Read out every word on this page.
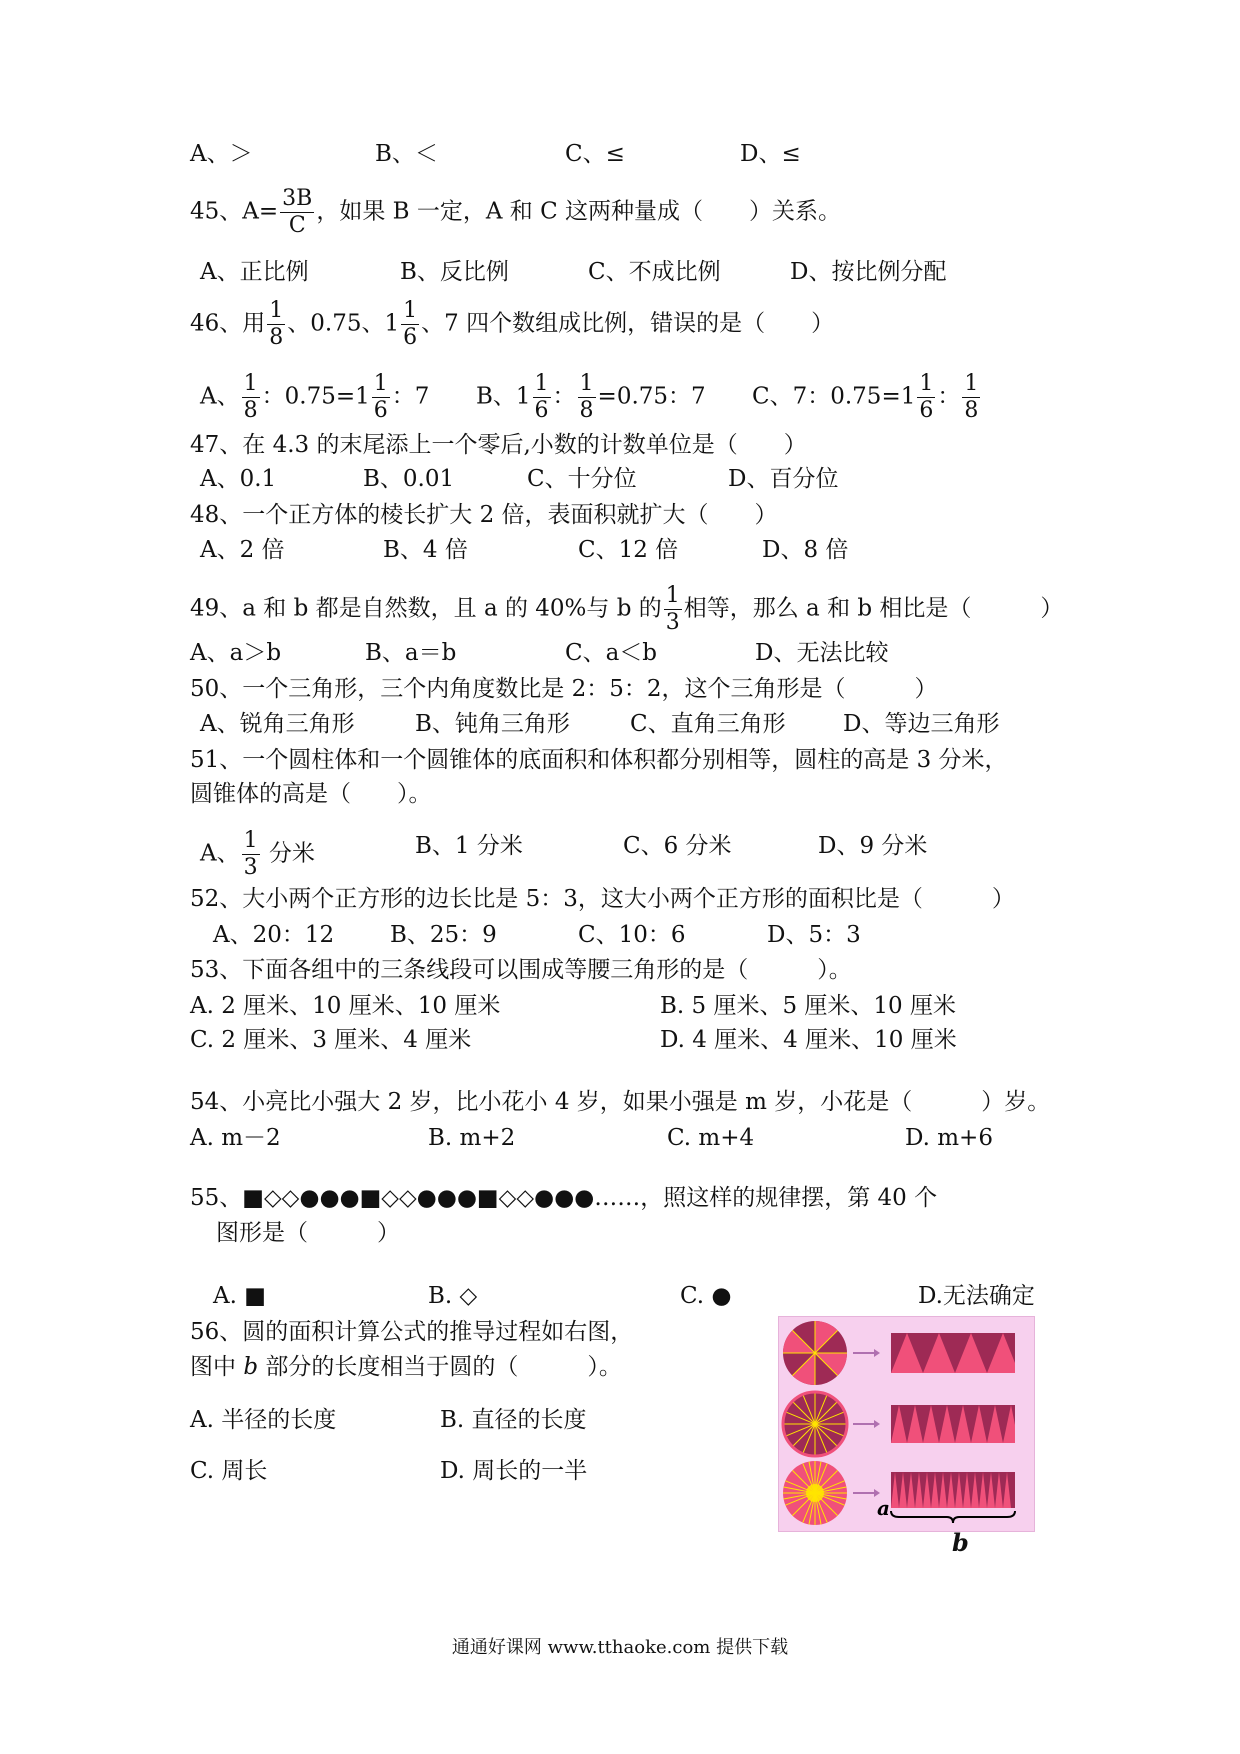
A、＞	B、＜	C、≤	D、≤
45、$A= \frac{3B}{C}$ ，如果 B 一定，A 和 C 这两种量成（　　）关系。
A、正比例	B、反比例	C、不成比例	D、按比例分配
46、用 $\frac{1}{8}$ 、0.75、$1 \frac{1}{6}$ 、7 四个数组成比例，错误的是（　　）
A、 $\frac{1}{8}$ ：$0.75=1 \frac{1}{6}$ ：7 B、$1 \frac{1}{6}$ ： $\frac{1}{8} =0.75$：7 C、7：$0.75=1 \frac{1}{6}$ ： $\frac{1}{8}$
47、在 4.3 的末尾添上一个零后,小数的计数单位是（　　）
A、0.1	B、0.01	C、十分位	D、百分位
48、一个正方体的棱长扩大 2 倍，表面积就扩大（　　）
A、2 倍	B、4 倍	C、12 倍	D、8 倍
49、a 和 b 都是自然数，且 a 的 40%与 b 的 $\frac{1}{3}$ 相等，那么 a 和 b 相比是（　　　）
A、a＞b	B、a＝b	C、a＜b	D、无法比较
50、一个三角形，三个内角度数比是 2：5：2，这个三角形是（　　　）
A、锐角三角形	B、钝角三角形	C、直角三角形 D、等边三角形
51、一个圆柱体和一个圆锥体的底面积和体积都分别相等，圆柱的高是 3 分米，
圆锥体的高是（　　）。
A、 $\frac{1}{3}$ 分米	B、1 分米	C、6 分米	D、9 分米
52、大小两个正方形的边长比是 5：3，这大小两个正方形的面积比是（　　　）
A、20：12 B、25：9	C、10：6	D、5：3
53、下面各组中的三条线段可以围成等腰三角形的是（　　　）。
A. 2 厘米、10 厘米、10 厘米	B. 5 厘米、5 厘米、10 厘米
C. 2 厘米、3 厘米、4 厘米	D. 4 厘米、4 厘米、10 厘米
54、小亮比小强大 2 岁，比小花小 4 岁，如果小强是 m 岁，小花是（　　　）岁。
A. m－2	B. m+2	C. m+4	D. m+6
55、■◇◇●●●■◇◇●●●■◇◇●●●……，照这样的规律摆，第 40 个
图形是（　　　）
A. ■	B. ◇	C. ●	D.无法确定
56、圆的面积计算公式的推导过程如右图，
图中 b 部分的长度相当于圆的（　　　）。
A. 半径的长度	B. 直径的长度
C. 周长	D. 周长的一半
a
b
通通好课网 www.tthaoke.com 提供下载
